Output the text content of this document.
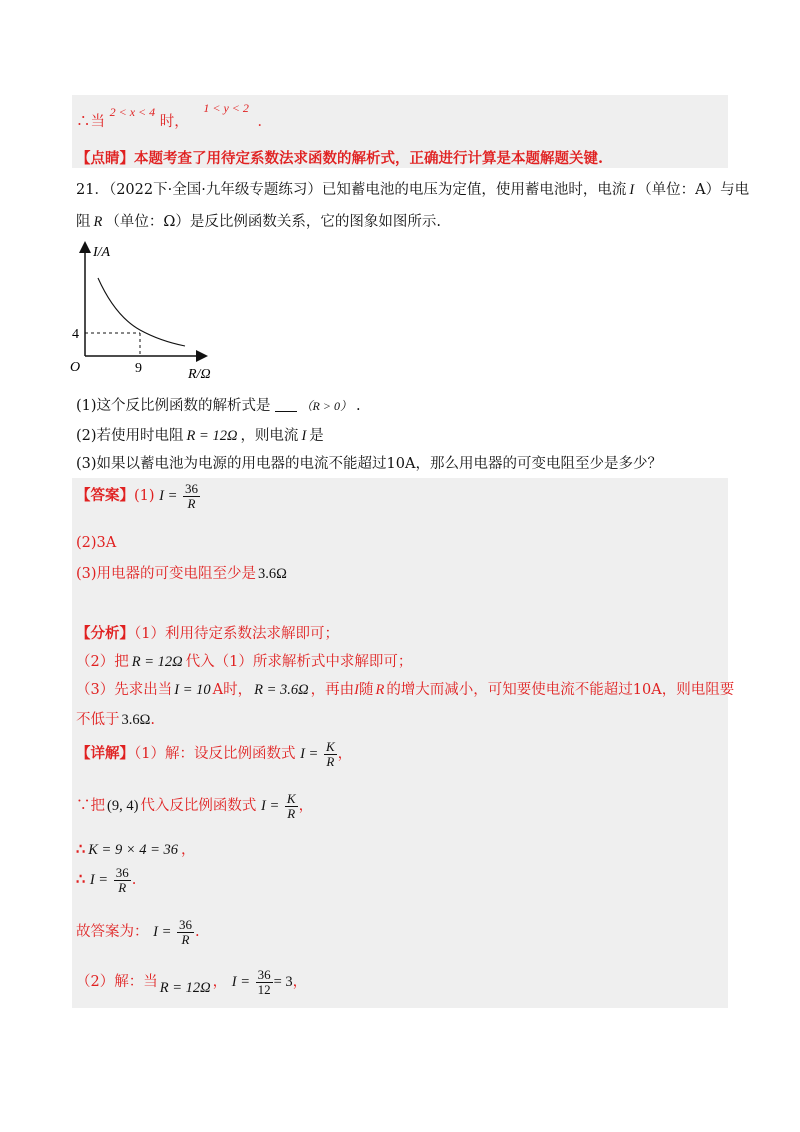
∴当 2 < x < 4 时， 1 < y < 2 ．
【点睛】本题考查了用待定系数法求函数的解析式，正确进行计算是本题解题关键.
21．（2022下·全国·九年级专题练习）已知蓄电池的电压为定值，使用蓄电池时，电流 I （单位：A）与电
阻 R （单位：Ω）是反比例函数关系，它的图象如图所示.
I/A
R/Ω
O
4
9
(1)这个反比例函数的解析式是	（R > 0） .
(2)若使用时电阻 R = 12Ω ，则电流 I 是
(3)如果以蓄电池为电源的用电器的电流不能超过10A，那么用电器的可变电阻至少是多少？
【答案】(1) $I = \frac{36}{R}$
(2)3A
(3)用电器的可变电阻至少是 3.6Ω
【分析】（1）利用待定系数法求解即可；
（2）把 R = 12Ω 代入（1）所求解析式中求解即可；
（3）先求出当 I = 10 A时， R = 3.6Ω ，再由I随 R 的增大而减小，可知要使电流不能超过10A，则电阻要
不低于 3.6Ω.
【详解】（1）解：设反比例函数式 $I = \frac{K}{R}$ ，
∵把 (9, 4) 代入反比例函数式 $I = \frac{K}{R}$ ，
∴ K = 9 × 4 = 36 ，
∴ $I = \frac{36}{R}$ .
故答案为： $I = \frac{36}{R}$ .
（2）解：当 R = 12Ω ， $I = \frac{36}{12} = 3$，
